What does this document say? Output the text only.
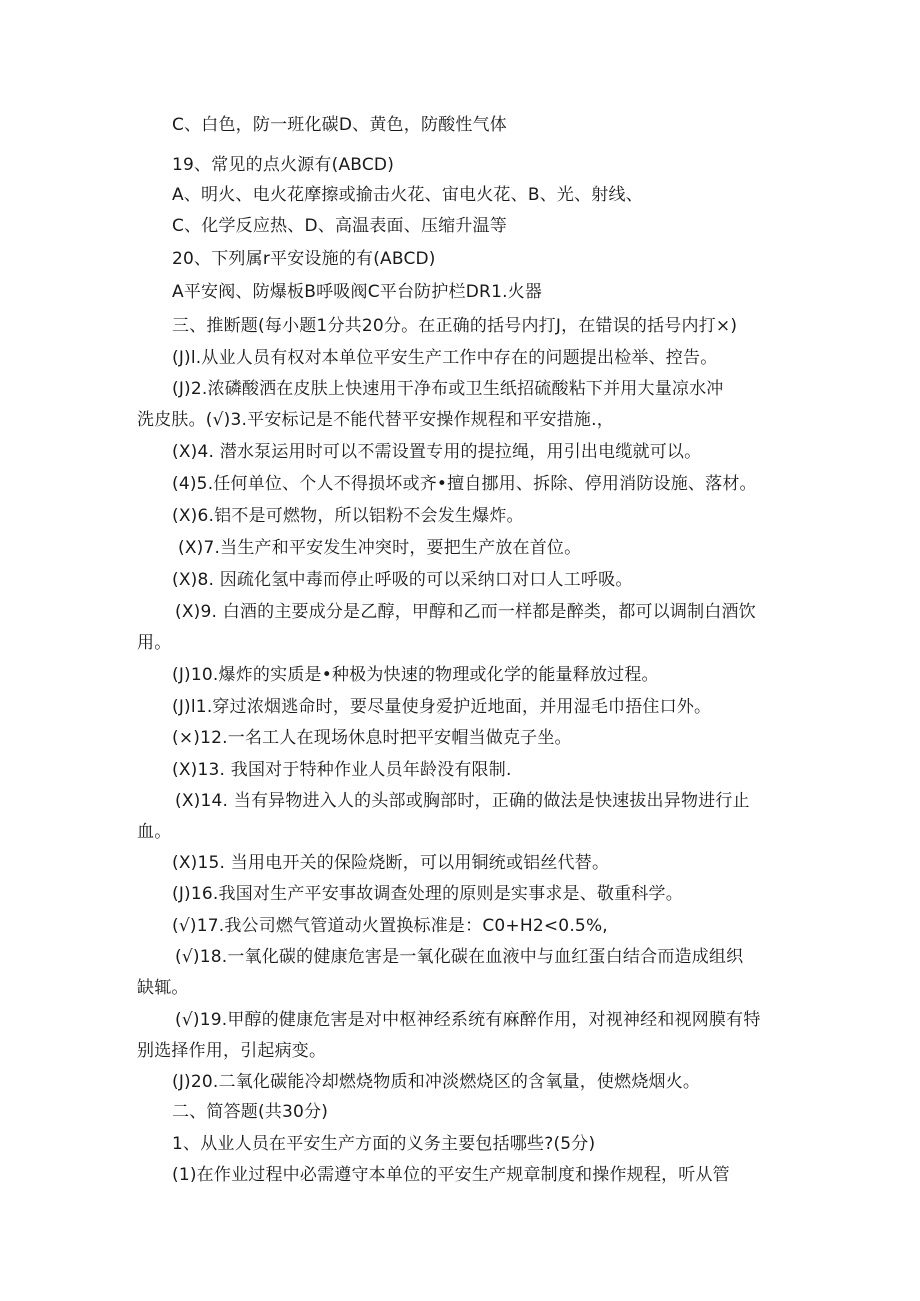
C、白色，防一班化碳D、黄色，防酸性气体
19、常见的点火源有(ABCD)
A、明火、电火花摩擦或揄击火花、宙电火花、B、光、射线、
C、化学反应热、D、高温表面、压缩升温等
20、下列属r平安设施的有(ABCD)
A平安阀、防爆板B呼吸阀C平台防护栏DR1.火器
三、推断题(每小题1分共20分。在正确的括号内打J，在错误的括号内打×)
(J)l.从业人员有权对本单位平安生产工作中存在的问题提出检举、控告。
(J)2.浓磷酸洒在皮肤上快速用干净布或卫生纸招硫酸粘下并用大量凉水冲
洗皮肤。(√)3.平安标记是不能代替平安操作规程和平安措施.，
(X)4. 潜水泵运用时可以不需设置专用的提拉绳，用引出电缆就可以。
(4)5.任何单位、个人不得损坏或齐•擅自挪用、拆除、停用消防设施、落材。
(X)6.铝不是可燃物，所以铝粉不会发生爆炸。
(X)7.当生产和平安发生冲突时，要把生产放在首位。
(X)8. 因疏化氢中毒而停止呼吸的可以采纳口对口人工呼吸。
(X)9. 白酒的主要成分是乙醇，甲醇和乙而一样都是醉类，都可以调制白酒饮
用。
(J)10.爆炸的实质是•种极为快速的物理或化学的能量释放过程。
(J)l1.穿过浓烟逃命时，要尽量使身爱护近地面，并用湿毛巾捂住口外。
(×)12.一名工人在现场休息时把平安帽当做克子坐。
(X)13. 我国对于特种作业人员年龄没有限制.
(X)14. 当有异物进入人的头部或胸部时，正确的做法是快速拔出异物进行止
血。
(X)15. 当用电开关的保险烧断，可以用铜统或铝丝代替。
(J)16.我国对生产平安事故调查处理的原则是实事求是、敬重科学。
(√)17.我公司燃气管道动火置换标准是：C0+H2<0.5%,
(√)18.一氧化碳的健康危害是一氧化碳在血液中与血红蛋白结合而造成组织
缺辄。
(√)19.甲醇的健康危害是对中枢神经系统有麻醉作用，对视神经和视网膜有特
别选择作用，引起病变。
(J)20.二氧化碳能冷却燃烧物质和冲淡燃烧区的含氧量，使燃烧烟火。
二、简答题(共30分)
1、从业人员在平安生产方面的义务主要包括哪些?(5分)
(1)在作业过程中必需遵守本单位的平安生产规章制度和操作规程，听从管
